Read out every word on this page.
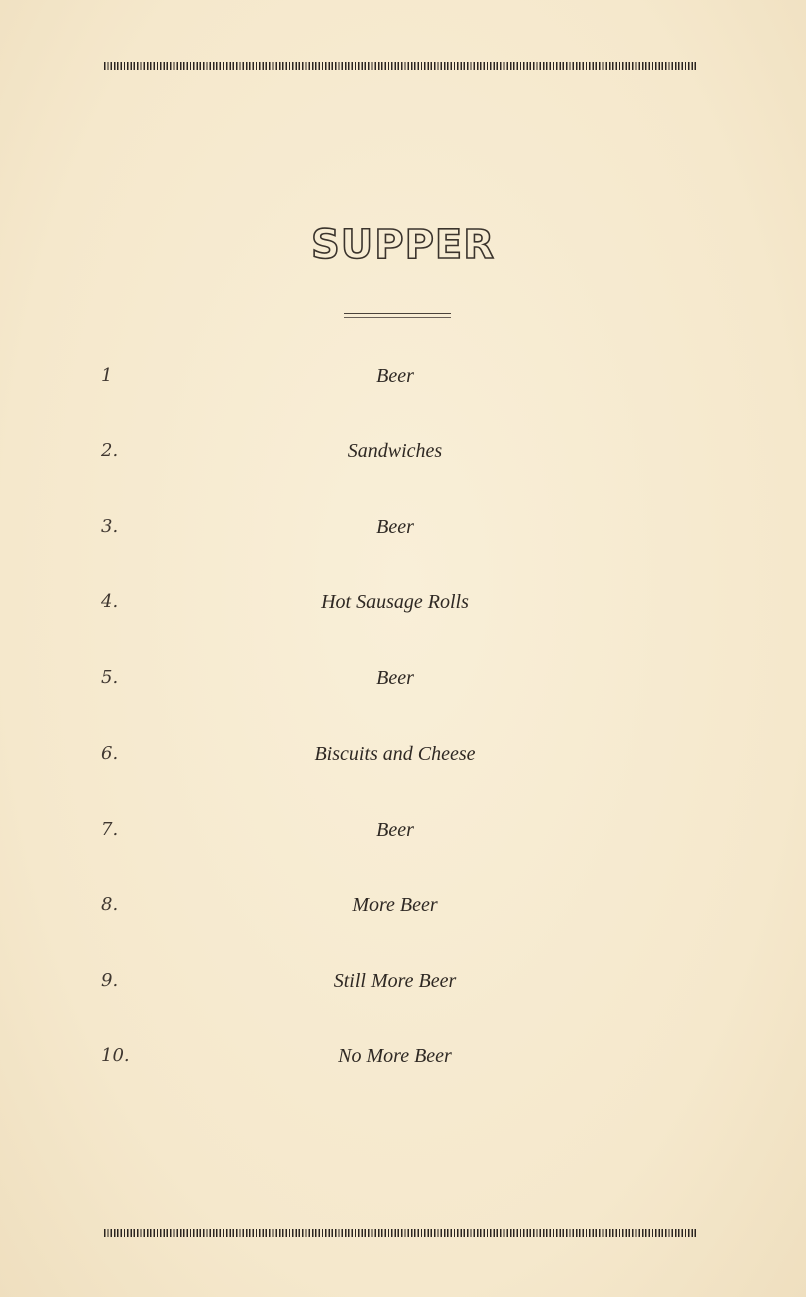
SUPPER
1	Beer
2.	Sandwiches
3.	Beer
4.	Hot Sausage Rolls
5.	Beer
6.	Biscuits and Cheese
7.	Beer
8.	More Beer
9.	Still More Beer
10.	No More Beer
